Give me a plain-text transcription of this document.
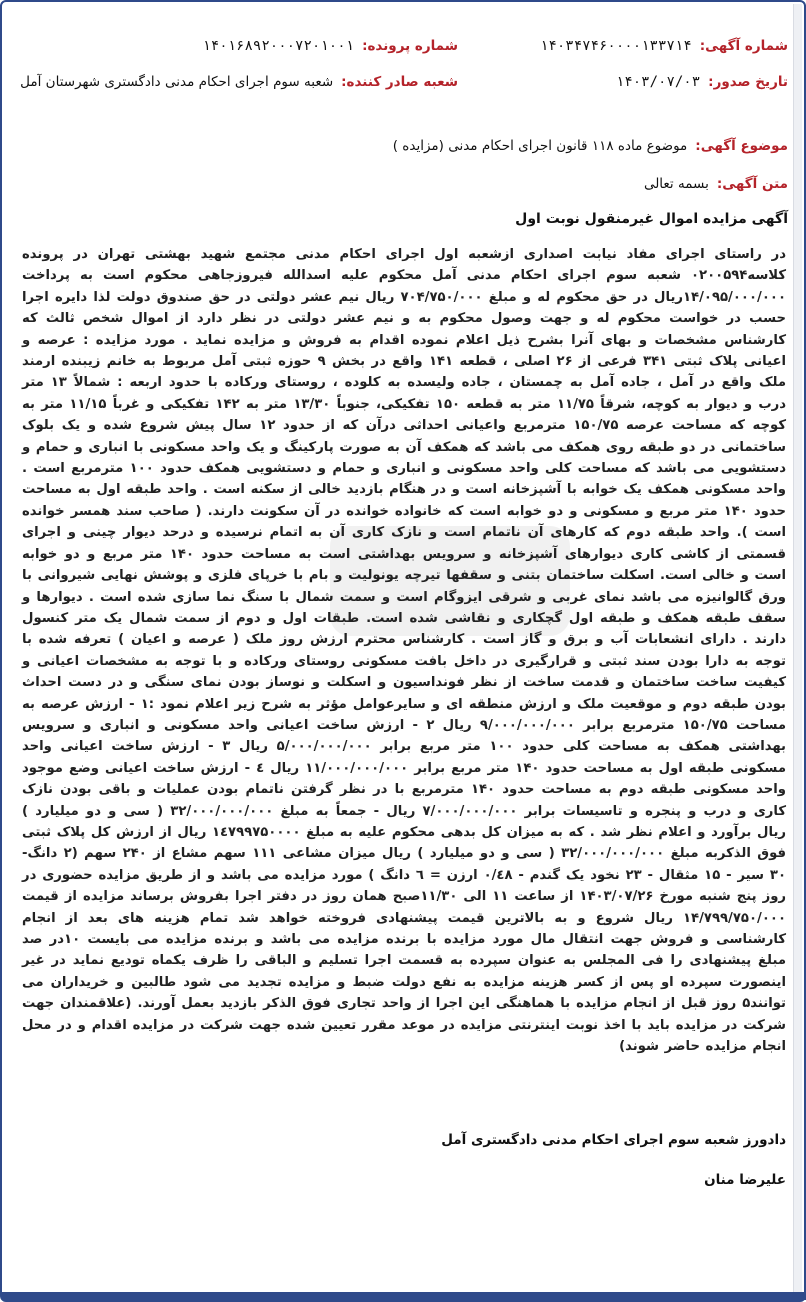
شماره آگهی:
۱۴۰۳۴۷۴۶۰۰۰۰۱۳۳۷۱۴
شماره پرونده:
۱۴۰۱۶۸۹۲۰۰۰۷۲۰۱۰۰۱
تاریخ صدور:
۱۴۰۳/۰۷/۰۳
شعبه صادر کننده:
شعبه سوم اجرای احکام مدنی دادگستری شهرستان آمل
موضوع آگهی:
موضوع ماده ۱۱۸ قانون اجرای احکام مدنی (مزایده )
متن آگهی:
بسمه تعالی
آگهی مزایده اموال غیرمنقول نوبت اول
در راستای اجرای مفاد نیابت اصداری ازشعبه اول اجرای احکام مدنی مجتمع شهید بهشتی تهران در پرونده کلاسه۰۲۰۰۵۹۴ شعبه سوم اجرای احکام مدنی آمل محکوم علیه اسدالله فیروزجاهی محکوم است به پرداخت ۱۴/۰۹۵/۰۰۰/۰۰۰ریال در حق محکوم له و مبلغ ۷۰۴/۷۵۰/۰۰۰ ریال نیم عشر دولتی در حق صندوق دولت لذا دایره اجرا حسب در خواست محکوم له و جهت وصول محکوم به و نیم عشر دولتی در نظر دارد از اموال شخص ثالث که کارشناس مشخصات و بهای آنرا بشرح ذیل اعلام نموده اقدام به فروش و مزایده نماید . مورد مزایده : عرصه و اعیانی پلاک ثبتی ۳۴۱ فرعی از ۲۶ اصلی ، قطعه ۱۴۱ واقع در بخش ۹ حوزه ثبتی آمل مربوط به خانم زیبنده ارمند ملک واقع در آمل ، جاده آمل به چمستان ، جاده ولیسده به کلوده ، روستای ورکاده با حدود اربعه : شمالاً ۱۳ متر درب و دیوار به کوچه، شرقاً ۱۱/۷۵ متر به قطعه ۱۵۰ تفکیکی، جنوباً ۱۳/۳۰ متر به ۱۴۲ تفکیکی و غرباً ۱۱/۱۵ متر به کوچه که مساحت عرصه ۱۵۰/۷۵ مترمربع واعیانی احداثی درآن که از حدود ۱۲ سال پیش شروع شده و یک بلوک ساختمانی در دو طبقه روی همکف می باشد که همکف آن به صورت پارکینگ و یک واحد مسکونی با انباری و حمام و دستشویی می باشد که مساحت کلی واحد مسکونی و انباری و حمام و دستشویی همکف حدود ۱۰۰ مترمربع است . واحد مسکونی همکف یک خوابه با آشپزخانه است و در هنگام بازدید خالی از سکنه است . واحد طبقه اول به مساحت حدود ۱۴۰ متر مربع و مسکونی و دو خوابه است که خانواده خوانده در آن سکونت دارند. ( صاحب سند همسر خوانده است ). واحد طبقه دوم که کارهای آن ناتمام است و نازک کاری آن به اتمام نرسیده و درحد دیوار چینی و اجرای قسمتی از کاشی کاری دیوارهای آشپزخانه و سرویس بهداشتی است به مساحت حدود ۱۴۰ متر مربع و دو خوابه است و خالی است. اسکلت ساختمان بتنی و سقفها تیرچه یونولیت و بام با خرپای فلزی و پوشش نهایی شیروانی با ورق گالوانیزه می باشد نمای غربی و شرقی ایزوگام است و سمت شمال با سنگ نما سازی شده است . دیوارها و سقف طبقه همکف و طبقه اول گچکاری و نقاشی شده است. طبقات اول و دوم از سمت شمال یک متر کنسول دارند . دارای انشعابات آب و برق و گاز است . کارشناس محترم ارزش روز ملک ( عرصه و اعیان ) تعرفه شده با توجه به دارا بودن سند ثبتی و قرارگیری در داخل بافت مسکونی روستای ورکاده و با توجه به مشخصات اعیانی و کیفیت ساخت ساختمان و قدمت ساخت از نظر فونداسیون و اسکلت و نوساز بودن نمای سنگی و در دست احداث بودن طبقه دوم و موقعیت ملک و ارزش منطقه ای و سایرعوامل مؤثر به شرح زیر اعلام نمود :۱ - ارزش عرصه به مساحت ۱۵۰/۷۵ مترمربع برابر ۹/۰۰۰/۰۰۰/۰۰۰ ریال ۲ - ارزش ساخت اعیانی واحد مسکونی و انباری و سرویس بهداشتی همکف به مساحت کلی حدود ۱۰۰ متر مربع برابر ۵/۰۰۰/۰۰۰/۰۰۰ ریال ۳ - ارزش ساخت اعیانی واحد مسکونی طبقه اول به مساحت حدود ۱۴۰ متر مربع برابر ۱۱/۰۰۰/۰۰۰/۰۰۰ ریال ٤ - ارزش ساخت اعیانی وضع موجود واحد مسکونی طبقه دوم به مساحت حدود ۱۴۰ مترمربع با در نظر گرفتن ناتمام بودن عملیات و باقی بودن نازک کاری و درب و پنجره و تاسیسات برابر ۷/۰۰۰/۰۰۰/۰۰۰ ریال - جمعاً به مبلغ ۳۲/۰۰۰/۰۰۰/۰۰۰ ( سی و دو میلیارد ) ریال برآورد و اعلام نظر شد . که به میزان کل بدهی محکوم علیه به مبلغ ۱٤۷۹۹۷۵۰۰۰۰ ریال از ارزش کل پلاک ثبتی فوق الذکربه مبلغ ۳۲/۰۰۰/۰۰۰/۰۰۰ ( سی و دو میلیارد ) ریال میزان مشاعی ۱۱۱ سهم مشاع از ۲۴۰ سهم (۲ دانگ- ۳۰ سیر - ۱۵ مثقال - ۲۳ نخود یک گندم - ۰/٤۸ ارزن = ٦ دانگ ) مورد مزایده می باشد و از طریق مزایده حضوری در روز پنج شنبه مورخ ۱۴۰۳/۰۷/۲۶ از ساعت ۱۱ الی ۱۱/۳۰صبح همان روز در دفتر اجرا بفروش برساند مزایده از قیمت ۱۴/۷۹۹/۷۵۰/۰۰۰ ریال شروع و به بالاترین قیمت پیشنهادی فروخته خواهد شد تمام هزینه های بعد از انجام کارشناسی و فروش جهت انتقال مال مورد مزایده با برنده مزایده می باشد و برنده مزایده می بایست ۱۰در صد مبلغ پیشنهادی را فی المجلس به عنوان سپرده به قسمت اجرا تسلیم و الباقی را ظرف یکماه تودیع نماید در غیر اینصورت سپرده او پس از کسر هزینه مزایده به نفع دولت ضبط و مزایده تجدید می شود طالبین و خریداران می توانند۵ روز قبل از انجام مزایده با هماهنگی این اجرا از واحد تجاری فوق الذکر بازدید بعمل آورند. (علاقمندان جهت شرکت در مزایده باید با اخذ نوبت اینترنتی مزایده در موعد مقرر تعیین شده جهت شرکت در مزایده اقدام و در محل انجام مزایده حاضر شوند)
دادورز شعبه سوم اجرای احکام مدنی دادگستری آمل
علیرضا منان
